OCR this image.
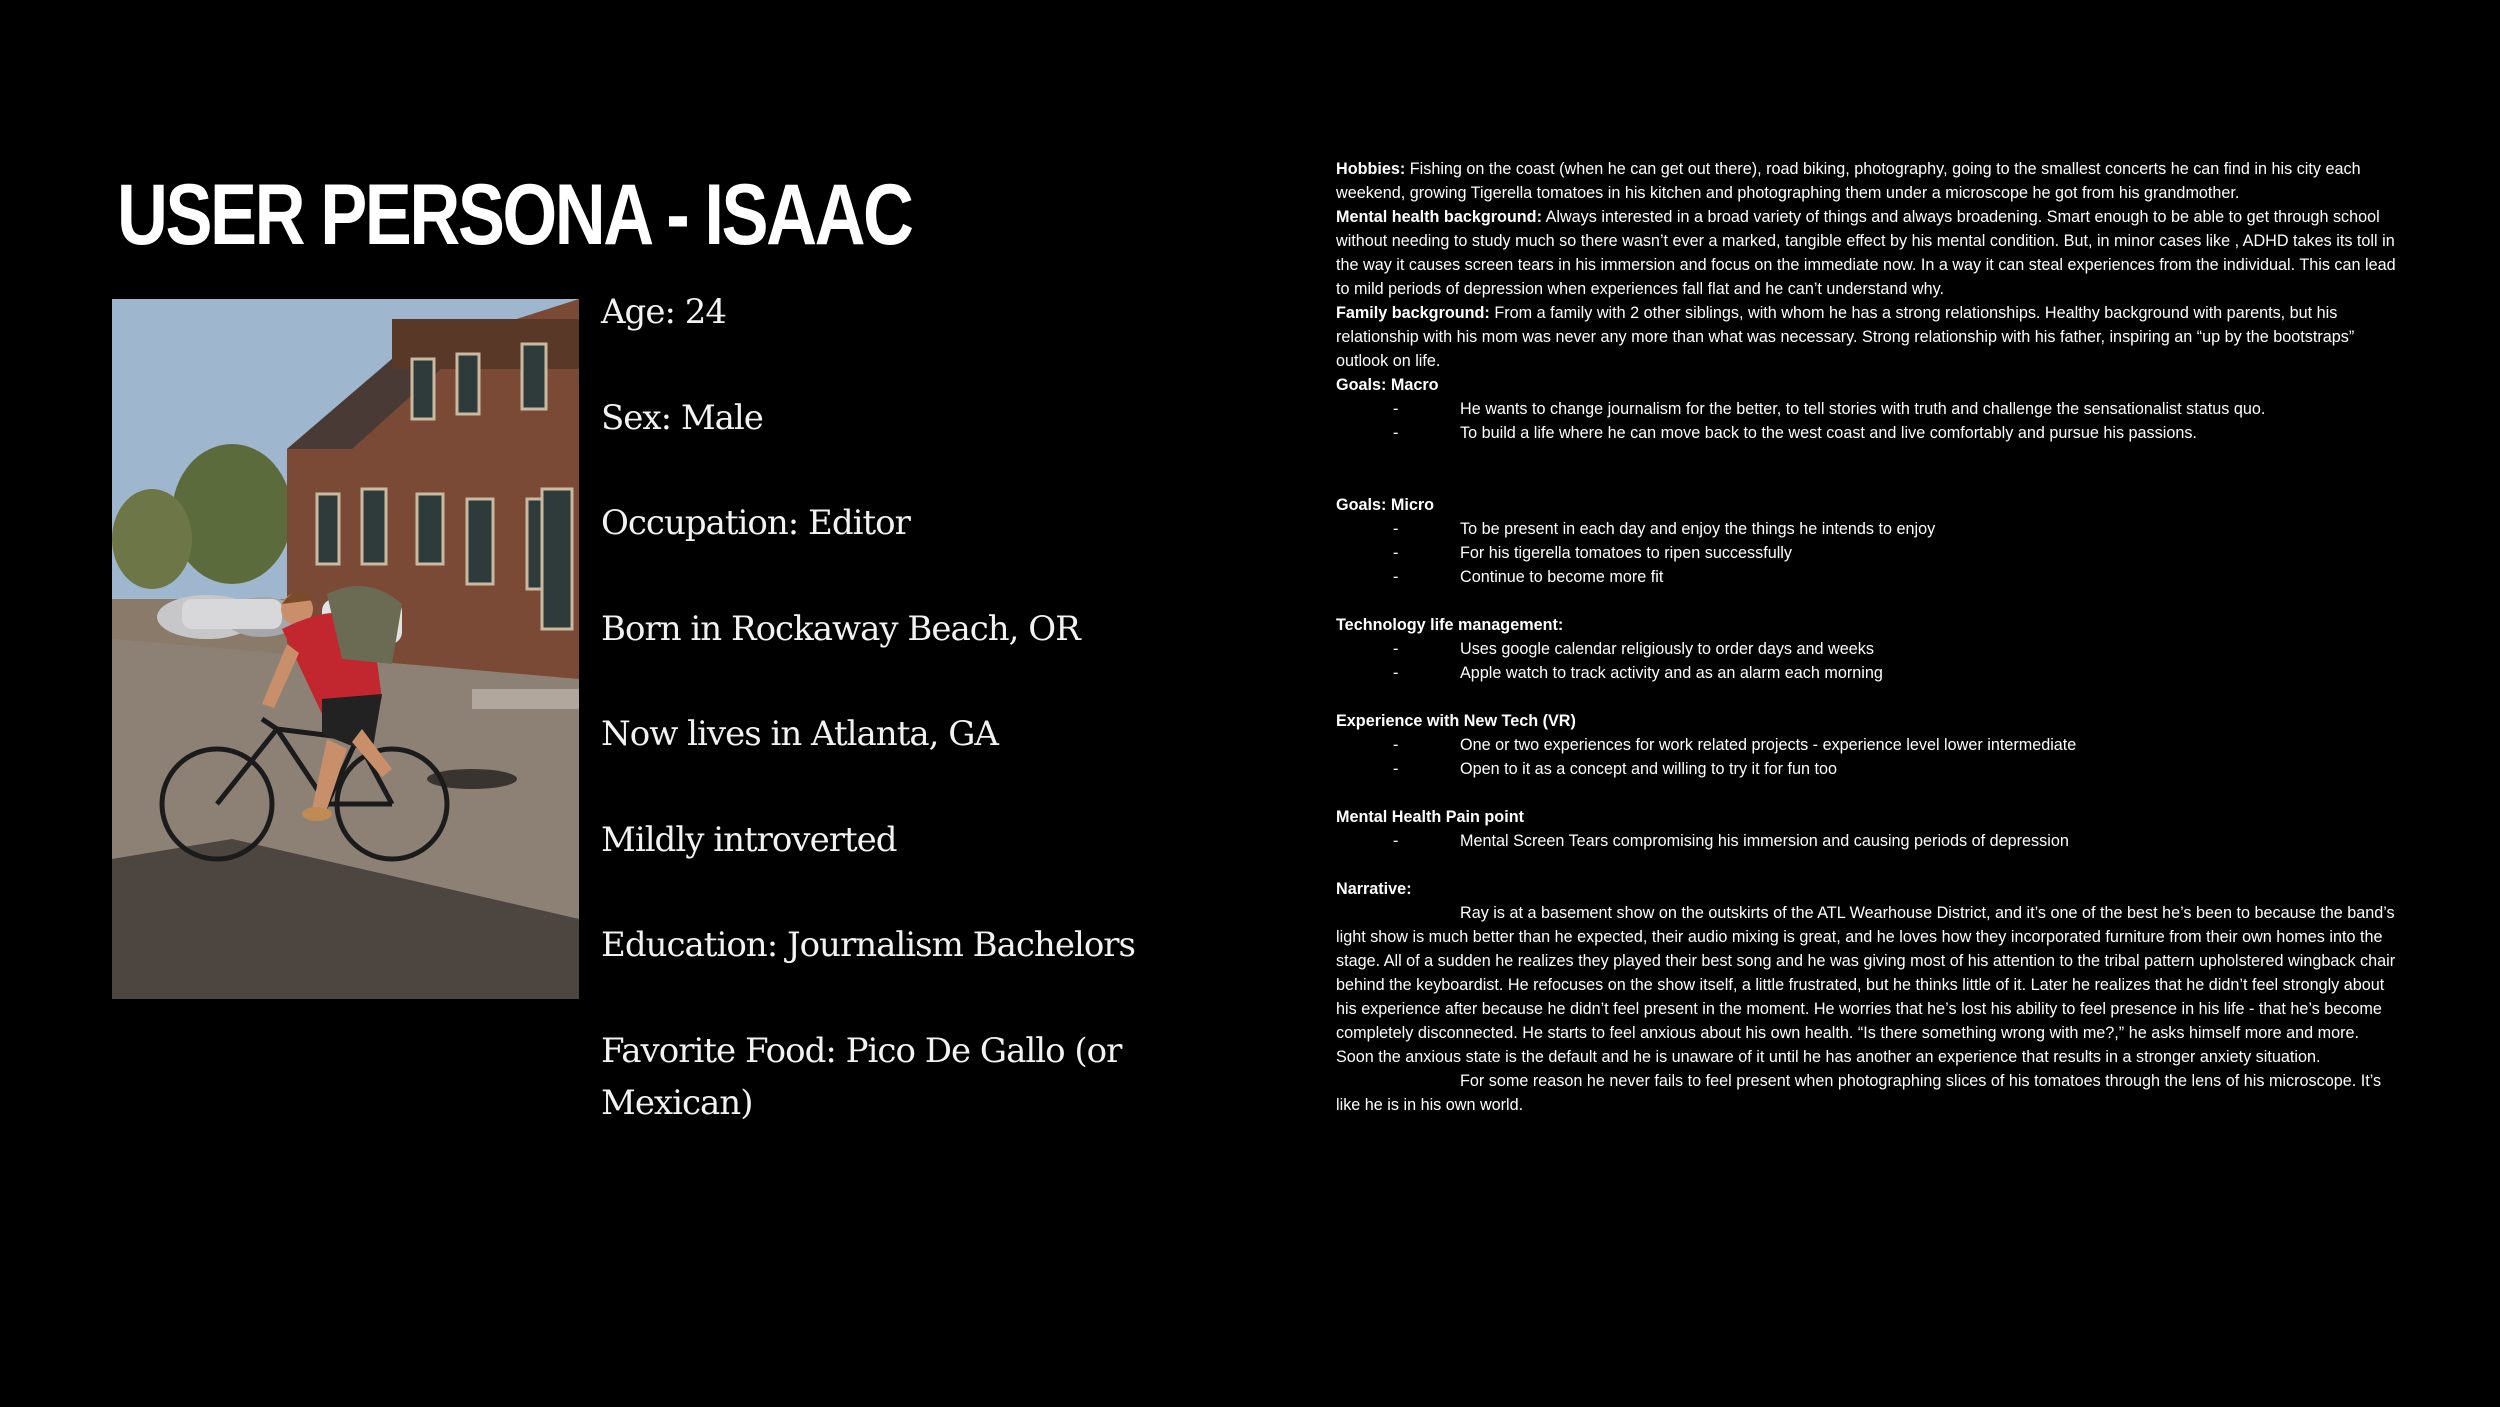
USER PERSONA - ISAAC
Age: 24
Sex: Male
Occupation: Editor
Born in Rockaway Beach, OR
Now lives in Atlanta, GA
Mildly introverted
Education: Journalism Bachelors
Favorite Food: Pico De Gallo (or Mexican)

Hobbies: Fishing on the coast (when he can get out there), road biking, photography, going to the smallest concerts he can find in his city each weekend, growing Tigerella tomatoes in his kitchen and photographing them under a microscope he got from his grandmother.

Mental health background: Always interested in a broad variety of things and always broadening. Smart enough to be able to get through school without needing to study much so there wasn’t ever a marked, tangible effect by his mental condition. But, in minor cases like , ADHD takes its toll in the way it causes screen tears in his immersion and focus on the immediate now. In a way it can steal experiences from the individual. This can lead to mild periods of depression when experiences fall flat and he can’t understand why.

Family background: From a family with 2 other siblings, with whom he has a strong relationships. Healthy background with parents, but his relationship with his mom was never any more than what was necessary. Strong relationship with his father, inspiring an “up by the bootstraps” outlook on life.

Goals: Macro

-	He wants to change journalism for the better, to tell stories with truth and challenge the sensationalist status quo.
-	To build a life where he can move back to the west coast and live comfortably and pursue his passions.

Goals: Micro

-	To be present in each day and enjoy the things he intends to enjoy
-	For his tigerella tomatoes to ripen successfully
-	Continue to become more fit

Technology life management:

-	Uses google calendar religiously to order days and weeks
-	Apple watch to track activity and as an alarm each morning

Experience with New Tech (VR)

-	One or two experiences for work related projects - experience level lower intermediate
-	Open to it as a concept and willing to try it for fun too

Mental Health Pain point

-	Mental Screen Tears compromising his immersion and causing periods of depression

Narrative:

Ray is at a basement show on the outskirts of the ATL Wearhouse District, and it’s one of the best he’s been to because the band’s light show is much better than he expected, their audio mixing is great, and he loves how they incorporated furniture from their own homes into the stage. All of a sudden he realizes they played their best song and he was giving most of his attention to the tribal pattern upholstered wingback chair behind the keyboardist. He refocuses on the show itself, a little frustrated, but he thinks little of it. Later he realizes that he didn’t feel strongly about his experience after because he didn’t feel present in the moment. He worries that he’s lost his ability to feel presence in his life - that he’s become completely disconnected. He starts to feel anxious about his own health. “Is there something wrong with me?,” he asks himself more and more. Soon the anxious state is the default and he is unaware of it until he has another an experience that results in a stronger anxiety situation.

For some reason he never fails to feel present when photographing slices of his tomatoes through the lens of his microscope. It’s like he is in his own world.
